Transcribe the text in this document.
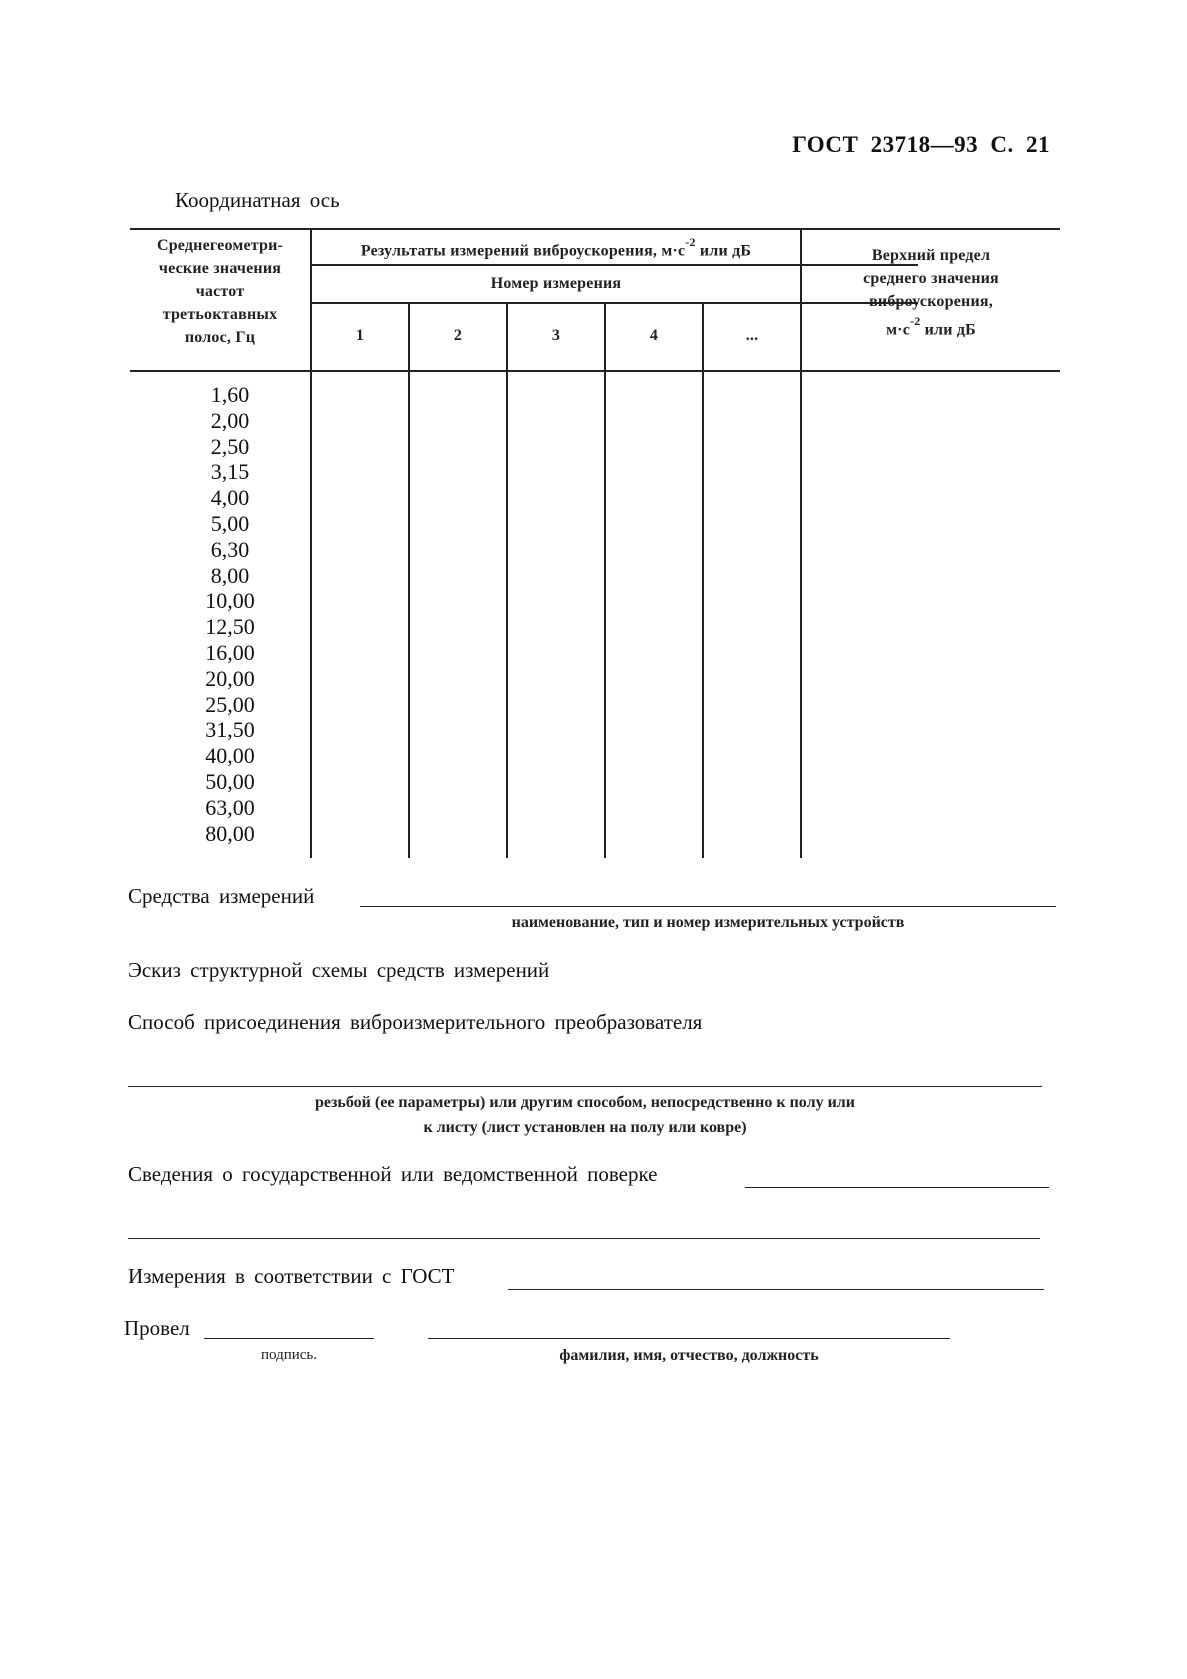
ГОСТ 23718—93 С. 21
Координатная ось
Среднегеометри-
ческие значения
частот
третьоктавных
полос, Гц
Результаты измерений виброускорения, $м\cdot с^{-2}$ или дБ
Номер измерения
1	2	3	4	...
Верхний предел
среднего значения
виброускорения,
$м\cdot с^{-2}$ или дБ
1,60
2,00
2,50
3,15
4,00
5,00
6,30
8,00
10,00
12,50
16,00
20,00
25,00
31,50
40,00
50,00
63,00
80,00
Средства измерений
наименование, тип и номер измерительных устройств
Эскиз структурной схемы средств измерений
Способ присоединения виброизмерительного преобразователя
резьбой (ее параметры) или другим способом, непосредственно к полу или
к листу (лист установлен на полу или ковре)
Сведения о государственной или ведомственной поверке
Измерения в соответствии с ГОСТ
Провел
подпись.	фамилия, имя, отчество, должность
